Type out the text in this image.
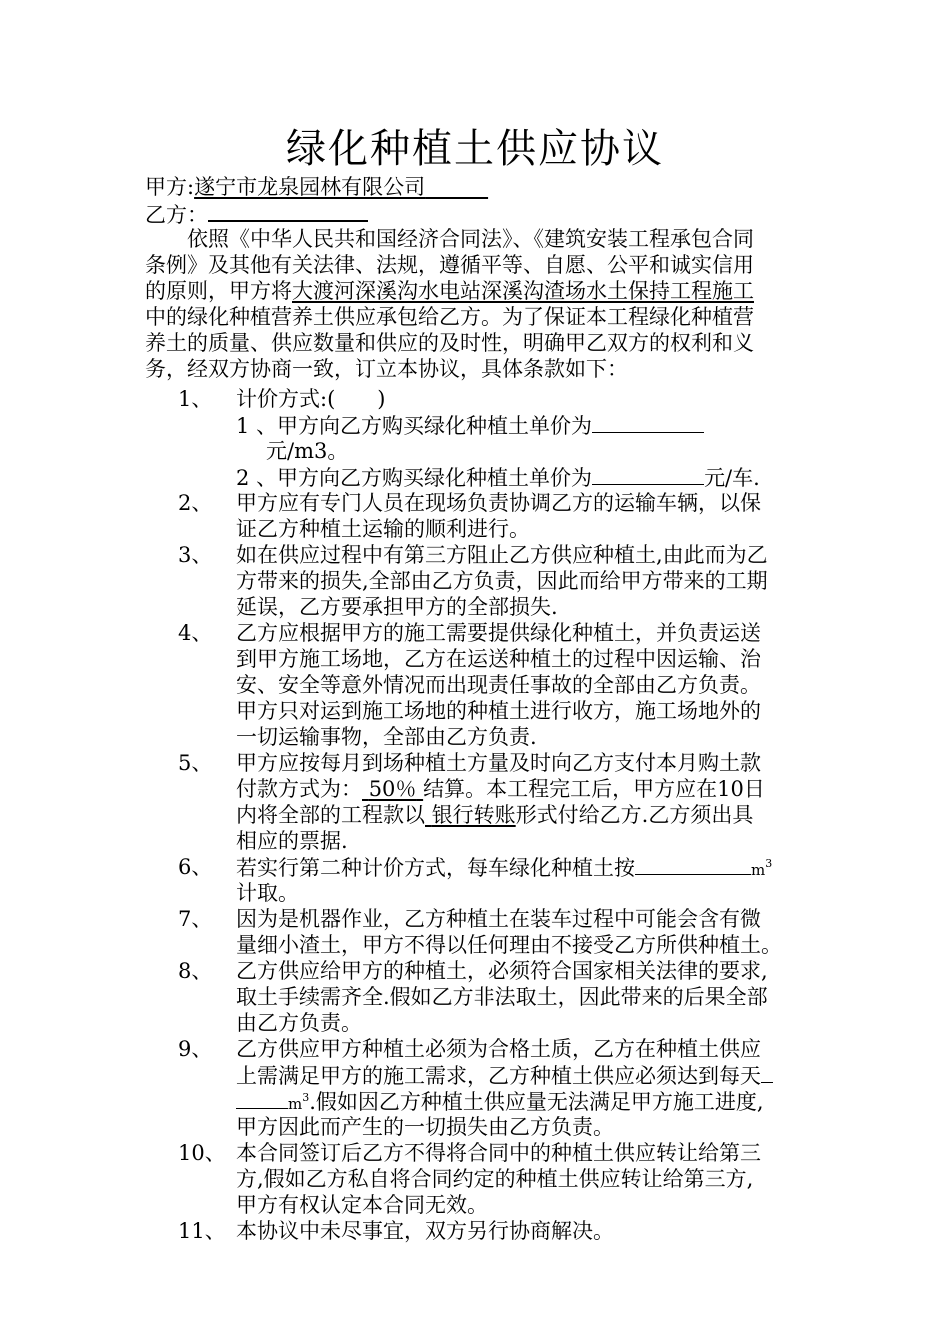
绿化种植土供应协议
甲方:遂宁市龙泉园林有限公司　　　
乙方：
依照《中华人民共和国经济合同法》、《建筑安装工程承包合同
条例》及其他有关法律、法规，遵循平等、自愿、公平和诚实信用
的原则，甲方将大渡河深溪沟水电站深溪沟渣场水土保持工程施工
中的绿化种植营养土供应承包给乙方。为了保证本工程绿化种植营
养土的质量、供应数量和供应的及时性，明确甲乙双方的权利和义
务，经双方协商一致，订立本协议，具体条款如下：
1、 计价方式:(　　)
1 、甲方向乙方购买绿化种植土单价为
元/m3。
2 、甲方向乙方购买绿化种植土单价为	元/车.
2、 甲方应有专门人员在现场负责协调乙方的运输车辆，以保
证乙方种植土运输的顺利进行。
3、 如在供应过程中有第三方阻止乙方供应种植土,由此而为乙
方带来的损失,全部由乙方负责，因此而给甲方带来的工期
延误，乙方要承担甲方的全部损失.
4、 乙方应根据甲方的施工需要提供绿化种植土，并负责运送
到甲方施工场地，乙方在运送种植土的过程中因运输、治
安、安全等意外情况而出现责任事故的全部由乙方负责。
甲方只对运到施工场地的种植土进行收方，施工场地外的
一切运输事物，全部由乙方负责.
5、 甲方应按每月到场种植土方量及时向乙方支付本月购土款
付款方式为： 50％ 结算。本工程完工后，甲方应在10日
内将全部的工程款以 银行转账形式付给乙方.乙方须出具
相应的票据.
6、 若实行第二种计价方式，每车绿化种植土按	$m^3$
计取。
7、 因为是机器作业，乙方种植土在装车过程中可能会含有微
量细小渣土，甲方不得以任何理由不接受乙方所供种植土。
8、 乙方供应给甲方的种植土，必须符合国家相关法律的要求,
取土手续需齐全.假如乙方非法取土，因此带来的后果全部
由乙方负责。
9、 乙方供应甲方种植土必须为合格土质，乙方在种植土供应
上需满足甲方的施工需求，乙方种植土供应必须达到每天
$m^3$.假如因乙方种植土供应量无法满足甲方施工进度,
甲方因此而产生的一切损失由乙方负责。
10、 本合同签订后乙方不得将合同中的种植土供应转让给第三
方,假如乙方私自将合同约定的种植土供应转让给第三方,
甲方有权认定本合同无效。
11、 本协议中未尽事宜，双方另行协商解决。
